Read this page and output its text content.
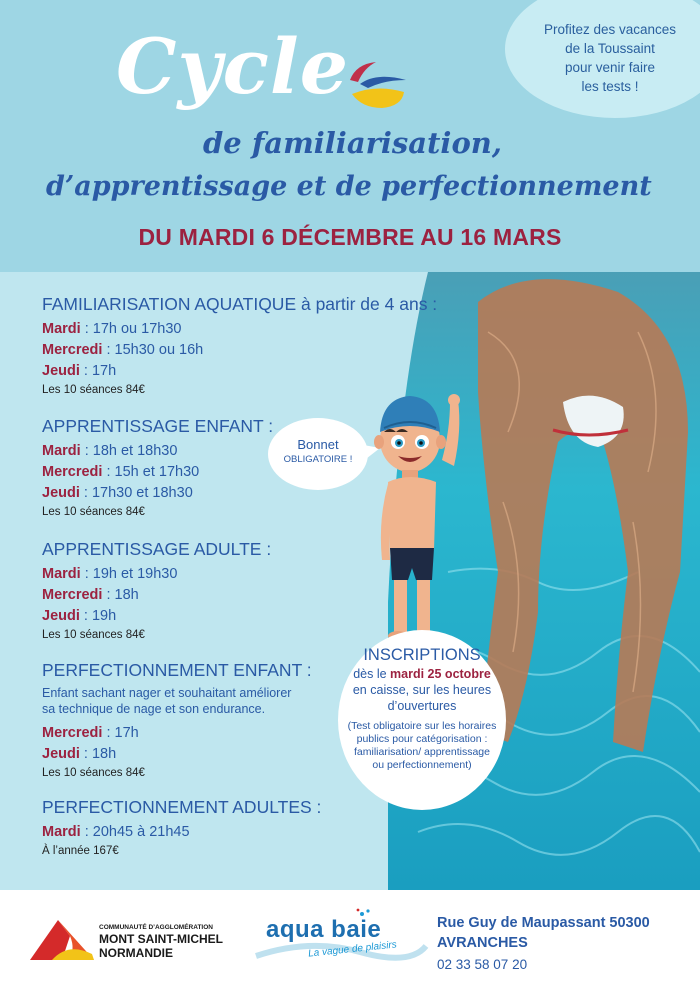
Profitez des vacances
de la Toussaint
pour venir faire
les tests !
Cycle
de familiarisation,
d’apprentissage et de perfectionnement
DU MARDI 6 DÉCEMBRE AU 16 MARS
FAMILIARISATION AQUATIQUE à partir de 4 ans :
Mardi : 17h ou 17h30
Mercredi : 15h30 ou 16h
Jeudi : 17h
Les 10 séances 84€
APPRENTISSAGE ENFANT :
Mardi : 18h et 18h30
Mercredi : 15h et 17h30
Jeudi : 17h30 et 18h30
Les 10 séances 84€
APPRENTISSAGE ADULTE :
Mardi : 19h et 19h30
Mercredi : 18h
Jeudi : 19h
Les 10 séances 84€
PERFECTIONNEMENT ENFANT :
Enfant sachant nager et souhaitant améliorer
sa technique de nage et son endurance.
Mercredi : 17h
Jeudi : 18h
Les 10 séances 84€
PERFECTIONNEMENT ADULTES :
Mardi : 20h45 à 21h45
À l’année 167€
Bonnet
OBLIGATOIRE !
INSCRIPTIONS
dès le mardi 25 octobre
en caisse, sur les heures
d’ouvertures
(Test obligatoire sur les horaires
publics pour catégorisation :
familiarisation/ apprentissage
ou perfectionnement)
COMMUNAUTÉ D’AGGLOMÉRATION
MONT SAINT-MICHEL
NORMANDIE
aqua baie
La vague de plaisirs
Rue Guy de Maupassant 50300
AVRANCHES
02 33 58 07 20
